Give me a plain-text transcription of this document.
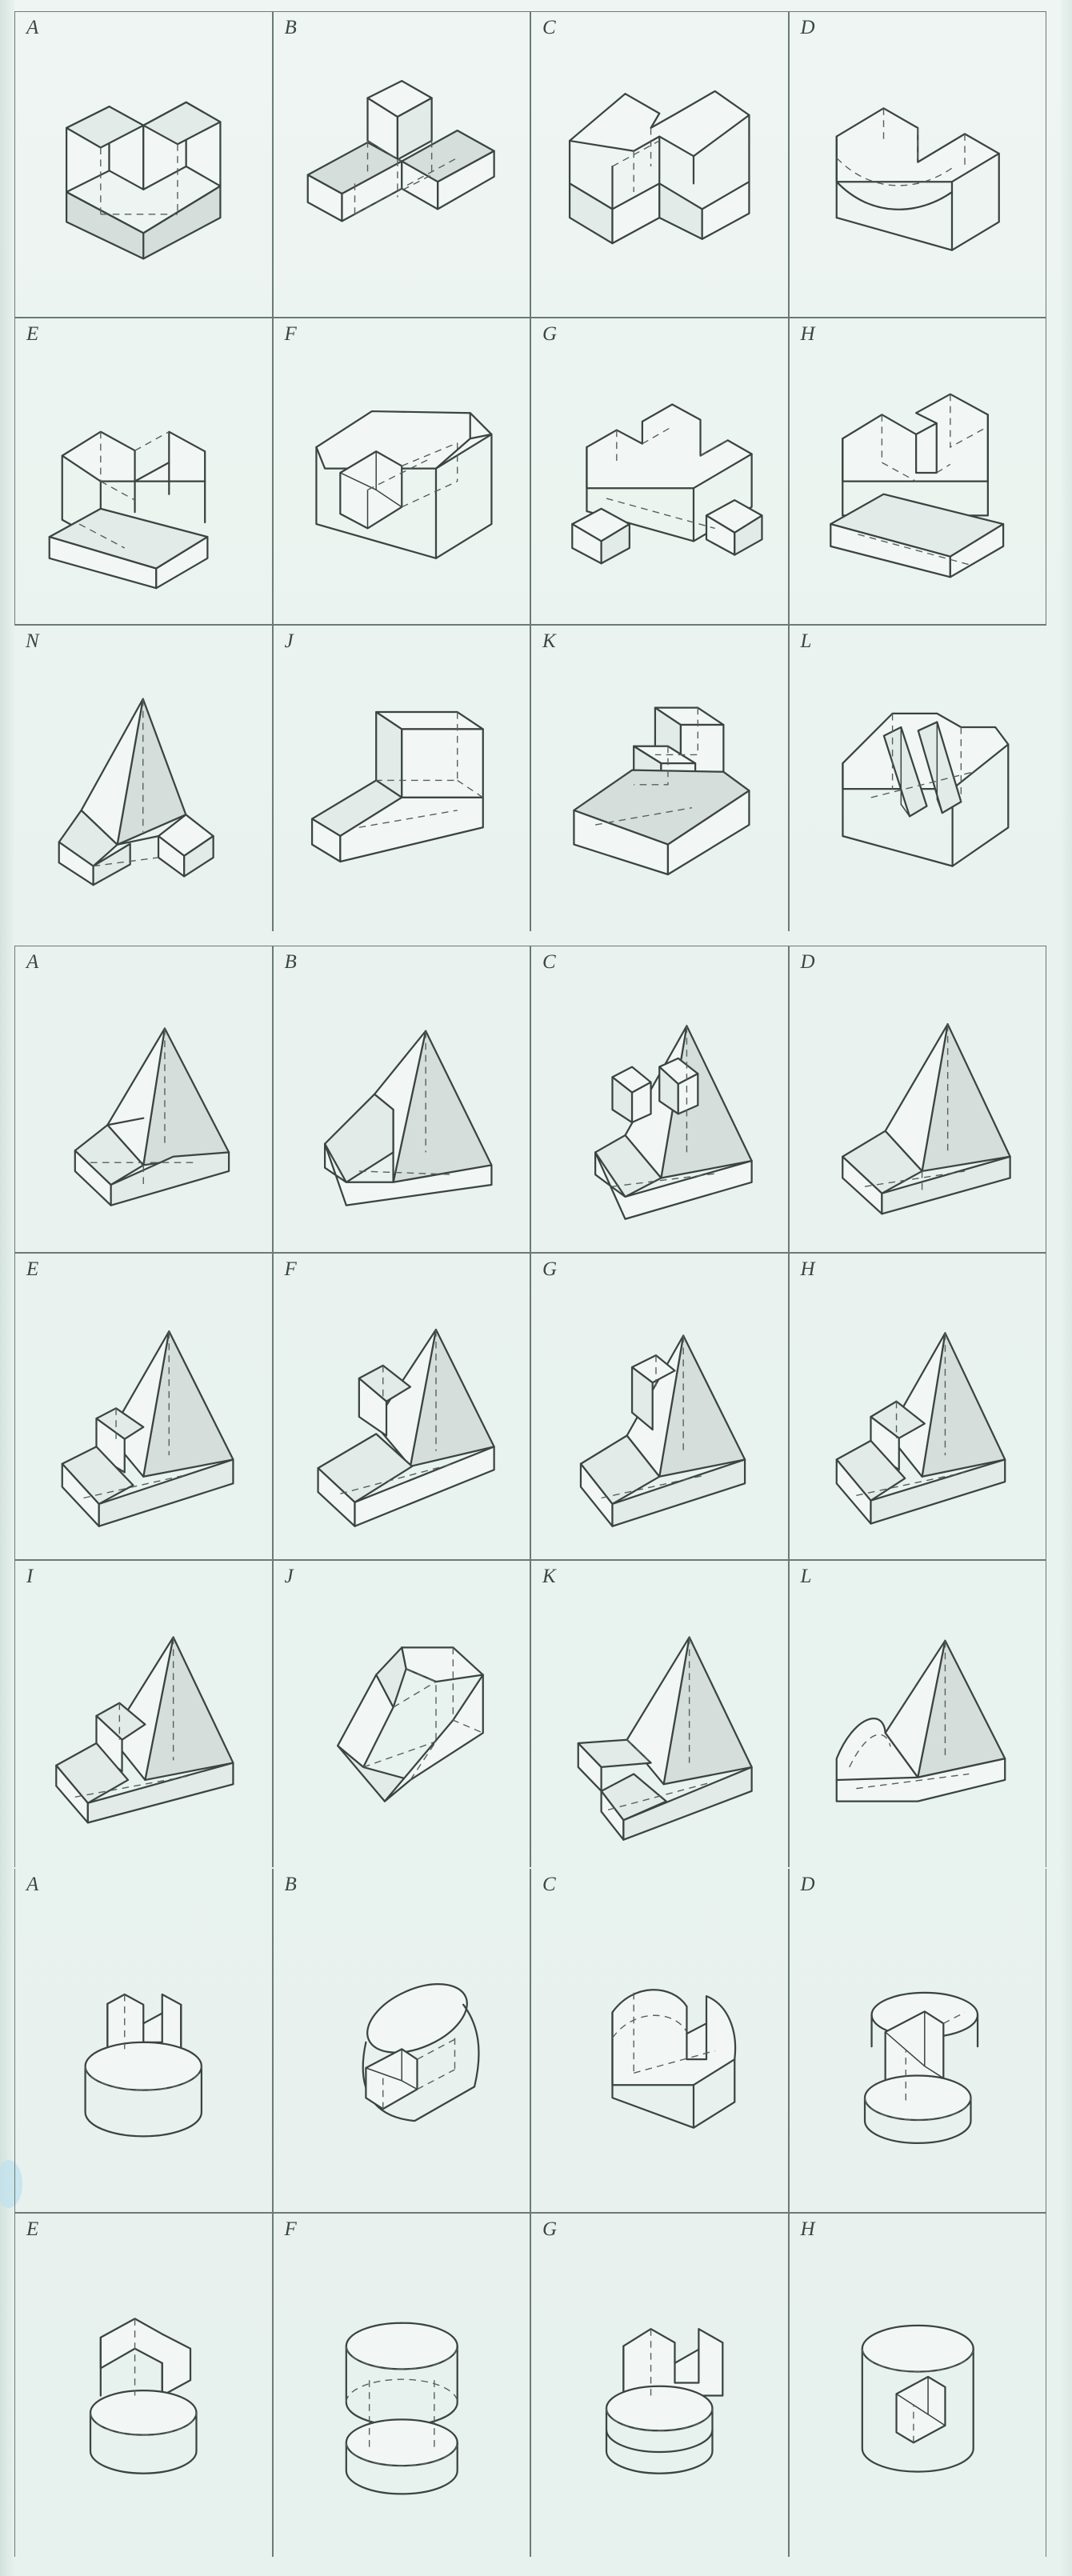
A	B	C	D
E	F	G	H
N	J	K	L
A	B	C	D
E	F	G	H
I	J	K	L
A	B	C	D
E	F	G	H
